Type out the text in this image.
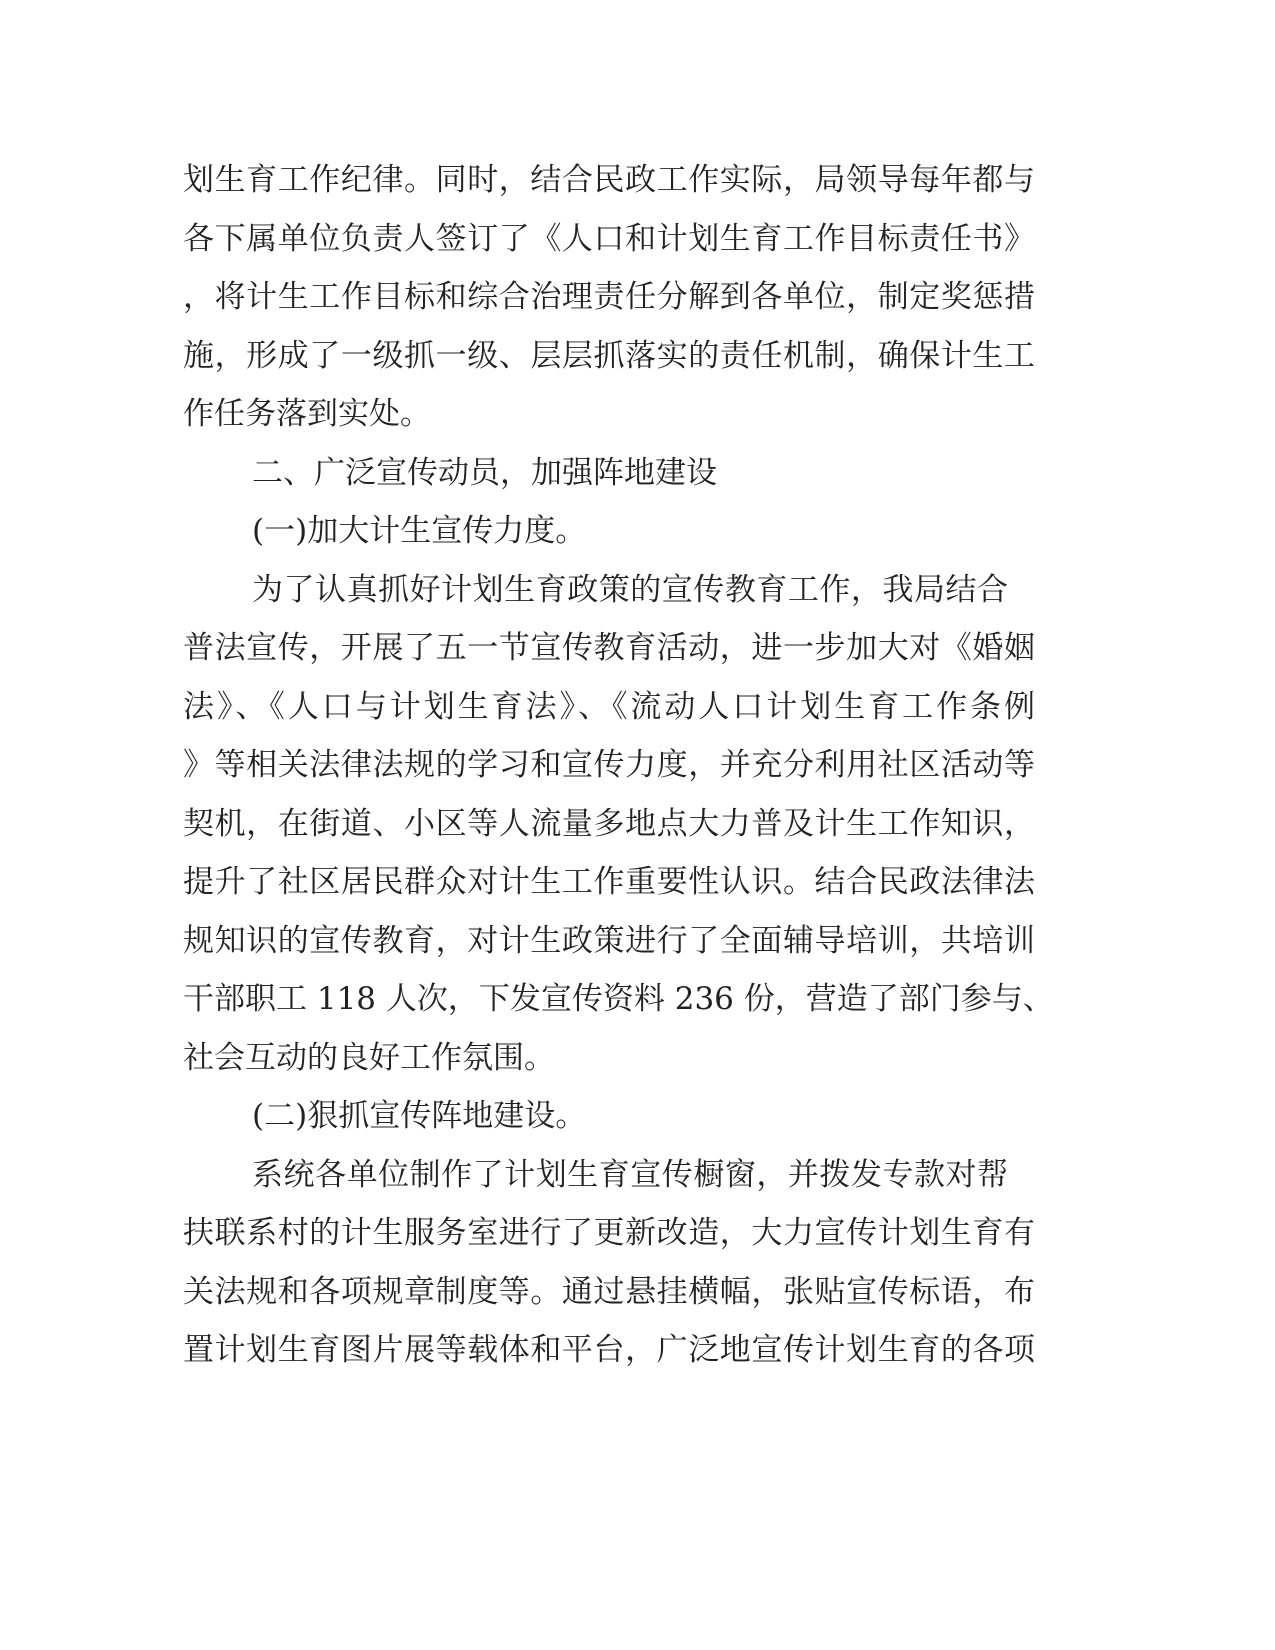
划生育工作纪律。同时，结合民政工作实际，局领导每年都与
各下属单位负责人签订了《人口和计划生育工作目标责任书》
，将计生工作目标和综合治理责任分解到各单位，制定奖惩措
施，形成了一级抓一级、层层抓落实的责任机制，确保计生工
作任务落到实处。
二、广泛宣传动员，加强阵地建设
(一)加大计生宣传力度。
为了认真抓好计划生育政策的宣传教育工作，我局结合
普法宣传，开展了五一节宣传教育活动，进一步加大对《婚姻
法》、《人口与计划生育法》、《流动人口计划生育工作条例
》等相关法律法规的学习和宣传力度，并充分利用社区活动等
契机，在街道、小区等人流量多地点大力普及计生工作知识，
提升了社区居民群众对计生工作重要性认识。结合民政法律法
规知识的宣传教育，对计生政策进行了全面辅导培训，共培训
干部职工 118 人次，下发宣传资料 236 份，营造了部门参与、
社会互动的良好工作氛围。
(二)狠抓宣传阵地建设。
系统各单位制作了计划生育宣传橱窗，并拨发专款对帮
扶联系村的计生服务室进行了更新改造，大力宣传计划生育有
关法规和各项规章制度等。通过悬挂横幅，张贴宣传标语，布
置计划生育图片展等载体和平台，广泛地宣传计划生育的各项
